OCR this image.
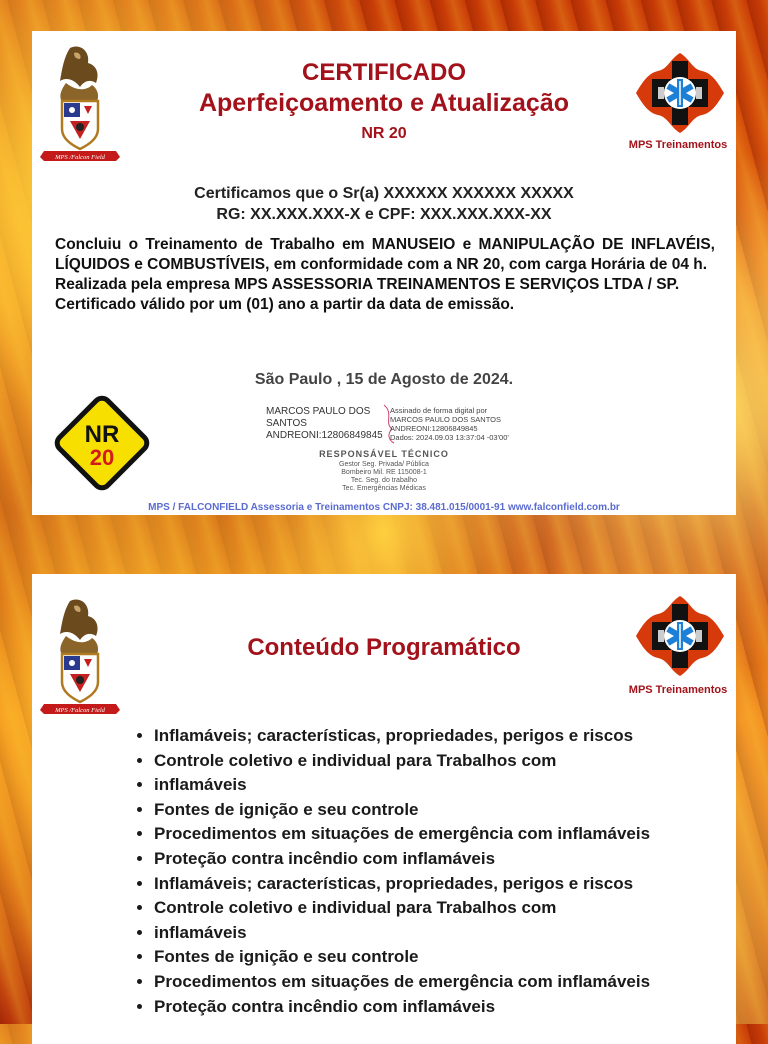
MPS /Falcon Field
MPS Treinamentos
CERTIFICADO
Aperfeiçoamento e Atualização
NR 20
Certificamos que o Sr(a) XXXXXX XXXXXX XXXXX
RG: XX.XXX.XXX-X e CPF: XXX.XXX.XXX-XX

Concluiu o Treinamento de Trabalho em MANUSEIO e MANIPULAÇÃO DE INFLAVÉIS, LÍQUIDOS e COMBUSTÍVEIS, em conformidade com a NR 20, com carga Horária de 04 h.

Realizada pela empresa MPS ASSESSORIA TREINAMENTOS E SERVIÇOS LTDA / SP.

Certificado válido por um (01) ano a partir da data de emissão.

São Paulo , 15 de Agosto de 2024.
NR
20
MARCOS PAULO DOS
SANTOS
ANDREONI:12806849845
Assinado de forma digital por
MARCOS PAULO DOS SANTOS
ANDREONI:12806849845
Dados: 2024.09.03 13:37:04 -03'00'
RESPONSÁVEL TÉCNICO
Gestor Seg. Privada/ Pública
Bombeiro Mil. RE 115008-1
Tec. Seg. do trabalho
Tec. Emergências Médicas
MPS / FALCONFIELD Assessoria e Treinamentos CNPJ: 38.481.015/0001-91 www.falconfield.com.br
MPS /Falcon Field
MPS Treinamentos
Conteúdo Programático
• Inflamáveis; características, propriedades, perigos e riscos
• Controle coletivo e individual para Trabalhos com
• inflamáveis
• Fontes de ignição e seu controle
• Procedimentos em situações de emergência com inflamáveis
• Proteção contra incêndio com inflamáveis
• Inflamáveis; características, propriedades, perigos e riscos
• Controle coletivo e individual para Trabalhos com
• inflamáveis
• Fontes de ignição e seu controle
• Procedimentos em situações de emergência com inflamáveis
• Proteção contra incêndio com inflamáveis
